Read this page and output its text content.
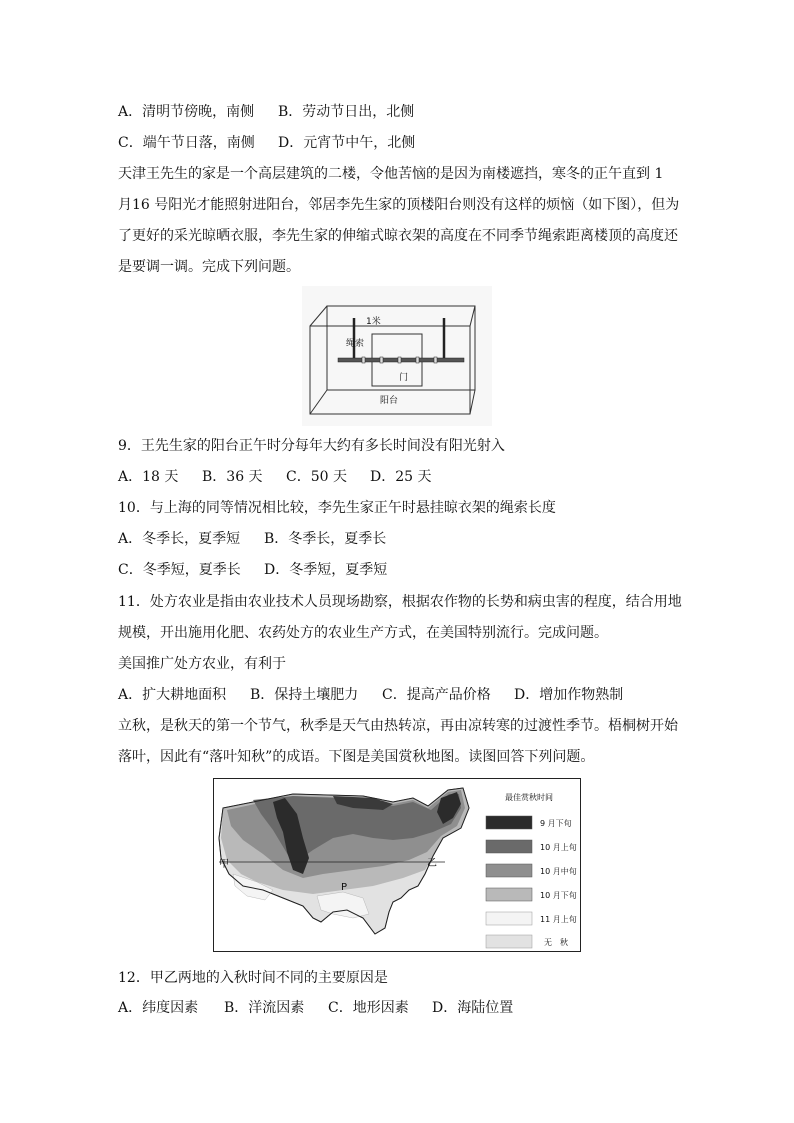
A．清明节傍晚，南侧 B．劳动节日出，北侧
C．端午节日落，南侧 D．元宵节中午，北侧
天津王先生的家是一个高层建筑的二楼，令他苦恼的是因为南楼遮挡，寒冬的正午直到 1
月16 号阳光才能照射进阳台，邻居李先生家的顶楼阳台则没有这样的烦恼（如下图），但为
了更好的采光晾晒衣服，李先生家的伸缩式晾衣架的高度在不同季节绳索距离楼顶的高度还
是要调一调。完成下列问题。
1米
绳索
门
阳台
9．王先生家的阳台正午时分每年大约有多长时间没有阳光射入
A．18 天 B．36 天 C．50 天 D．25 天
10．与上海的同等情况相比较，李先生家正午时悬挂晾衣架的绳索长度
A．冬季长，夏季短 B．冬季长，夏季长
C．冬季短，夏季长 D．冬季短，夏季短
11．处方农业是指由农业技术人员现场勘察，根据农作物的长势和病虫害的程度，结合用地
规模，开出施用化肥、农药处方的农业生产方式，在美国特别流行。完成问题。
美国推广处方农业，有利于
A．扩大耕地面积 B．保持土壤肥力 C．提高产品价格 D．增加作物熟制
立秋，是秋天的第一个节气，秋季是天气由热转凉，再由凉转寒的过渡性季节。梧桐树开始
落叶，因此有“落叶知秋”的成语。下图是美国赏秋地图。读图回答下列问题。
甲	乙
P
最佳赏秋时间
9 月下旬
10 月上旬
10 月中旬
10 月下旬
11 月上旬
无　秋
12．甲乙两地的入秋时间不同的主要原因是
A．纬度因素 B．洋流因素 C．地形因素 D．海陆位置
